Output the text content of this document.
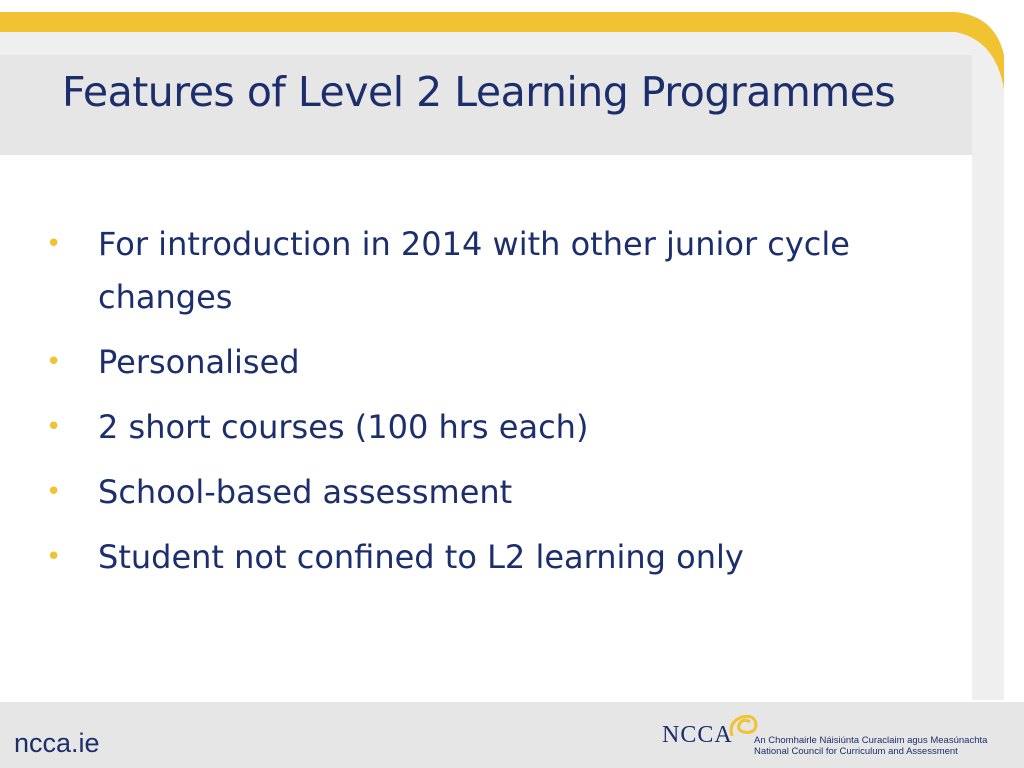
Features of Level 2 Learning Programmes
• For introduction in 2014 with other junior cycle changes
• Personalised
• 2 short courses (100 hrs each)
• School-based assessment
• Student not confined to L2 learning only
ncca.ie	NCCA An Chomhairle Náisiúnta Curaclaim agus Measúnachta
National Council for Curriculum and Assessment
